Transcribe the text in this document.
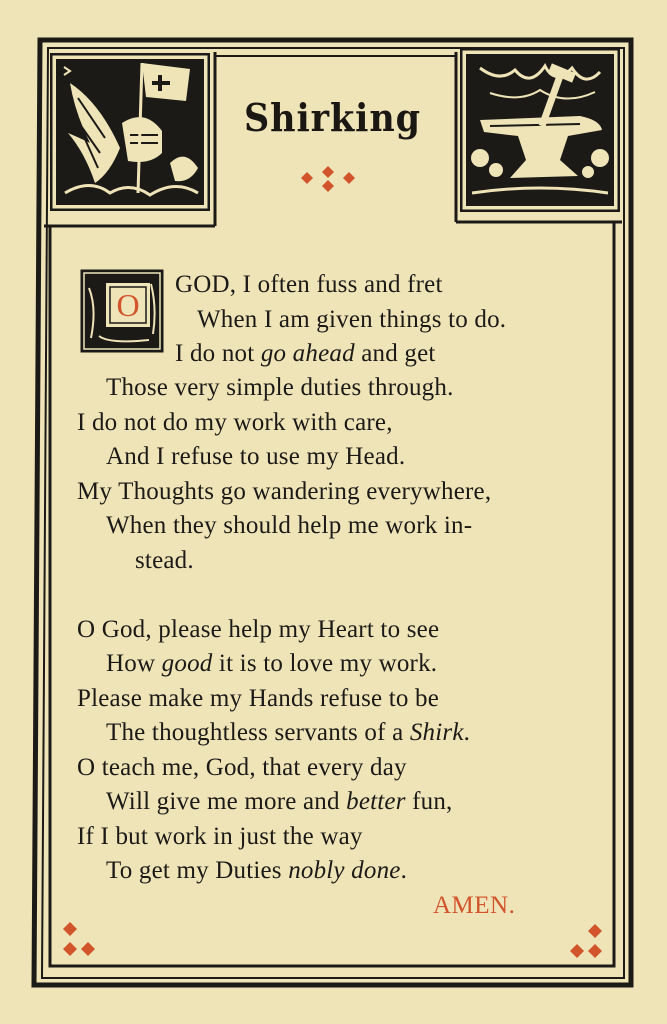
Shirking
O
GOD, I often fuss and fret
When I am given things to do.
I do not go ahead and get
Those very simple duties through.
I do not do my work with care,
And I refuse to use my Head.
My Thoughts go wandering everywhere,
When they should help me work in-
stead.
O God, please help my Heart to see
How good it is to love my work.
Please make my Hands refuse to be
The thoughtless servants of a Shirk.
O teach me, God, that every day
Will give me more and better fun,
If I but work in just the way
To get my Duties nobly done.
AMEN.
